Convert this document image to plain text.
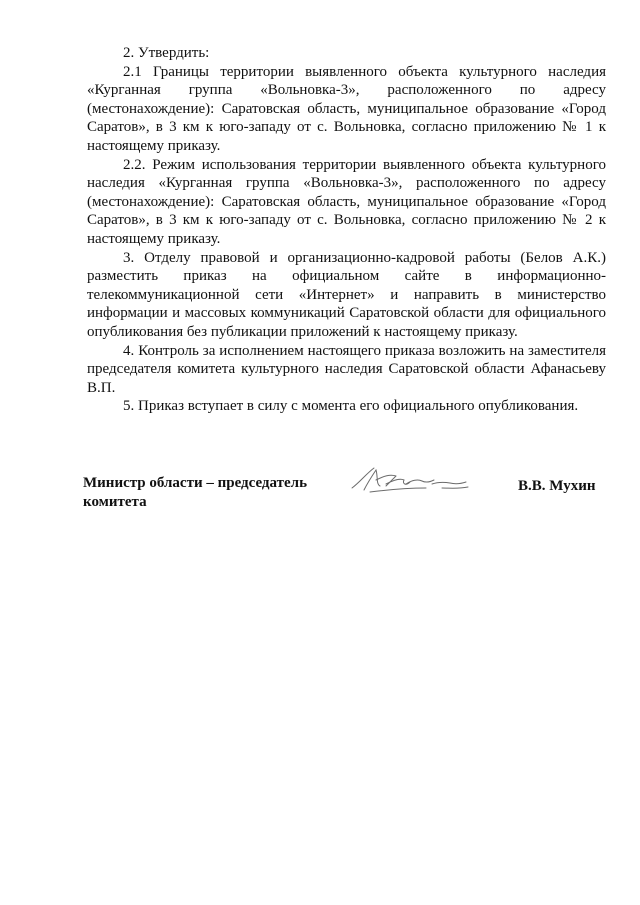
2. Утвердить:

2.1 Границы территории выявленного объекта культурного наследия «Курганная группа «Вольновка-3», расположенного по адресу (местонахождение): Саратовская область, муниципальное образование «Город Саратов», в 3 км к юго-западу от с. Вольновка, согласно приложению № 1 к настоящему приказу.

2.2. Режим использования территории выявленного объекта культурного наследия «Курганная группа «Вольновка-3», расположенного по адресу (местонахождение): Саратовская область, муниципальное образование «Город Саратов», в 3 км к юго-западу от с. Вольновка, согласно приложению № 2 к настоящему приказу.

3. Отделу правовой и организационно-кадровой работы (Белов А.К.) разместить приказ на официальном сайте в информационно-телекоммуникационной сети «Интернет» и направить в министерство информации и массовых коммуникаций Саратовской области для официального опубликования без публикации приложений к настоящему приказу.

4. Контроль за исполнением настоящего приказа возложить на заместителя председателя комитета культурного наследия Саратовской области Афанасьеву В.П.

5. Приказ вступает в силу с момента его официального опубликования.

Министр области – председатель комитета
В.В. Мухин
